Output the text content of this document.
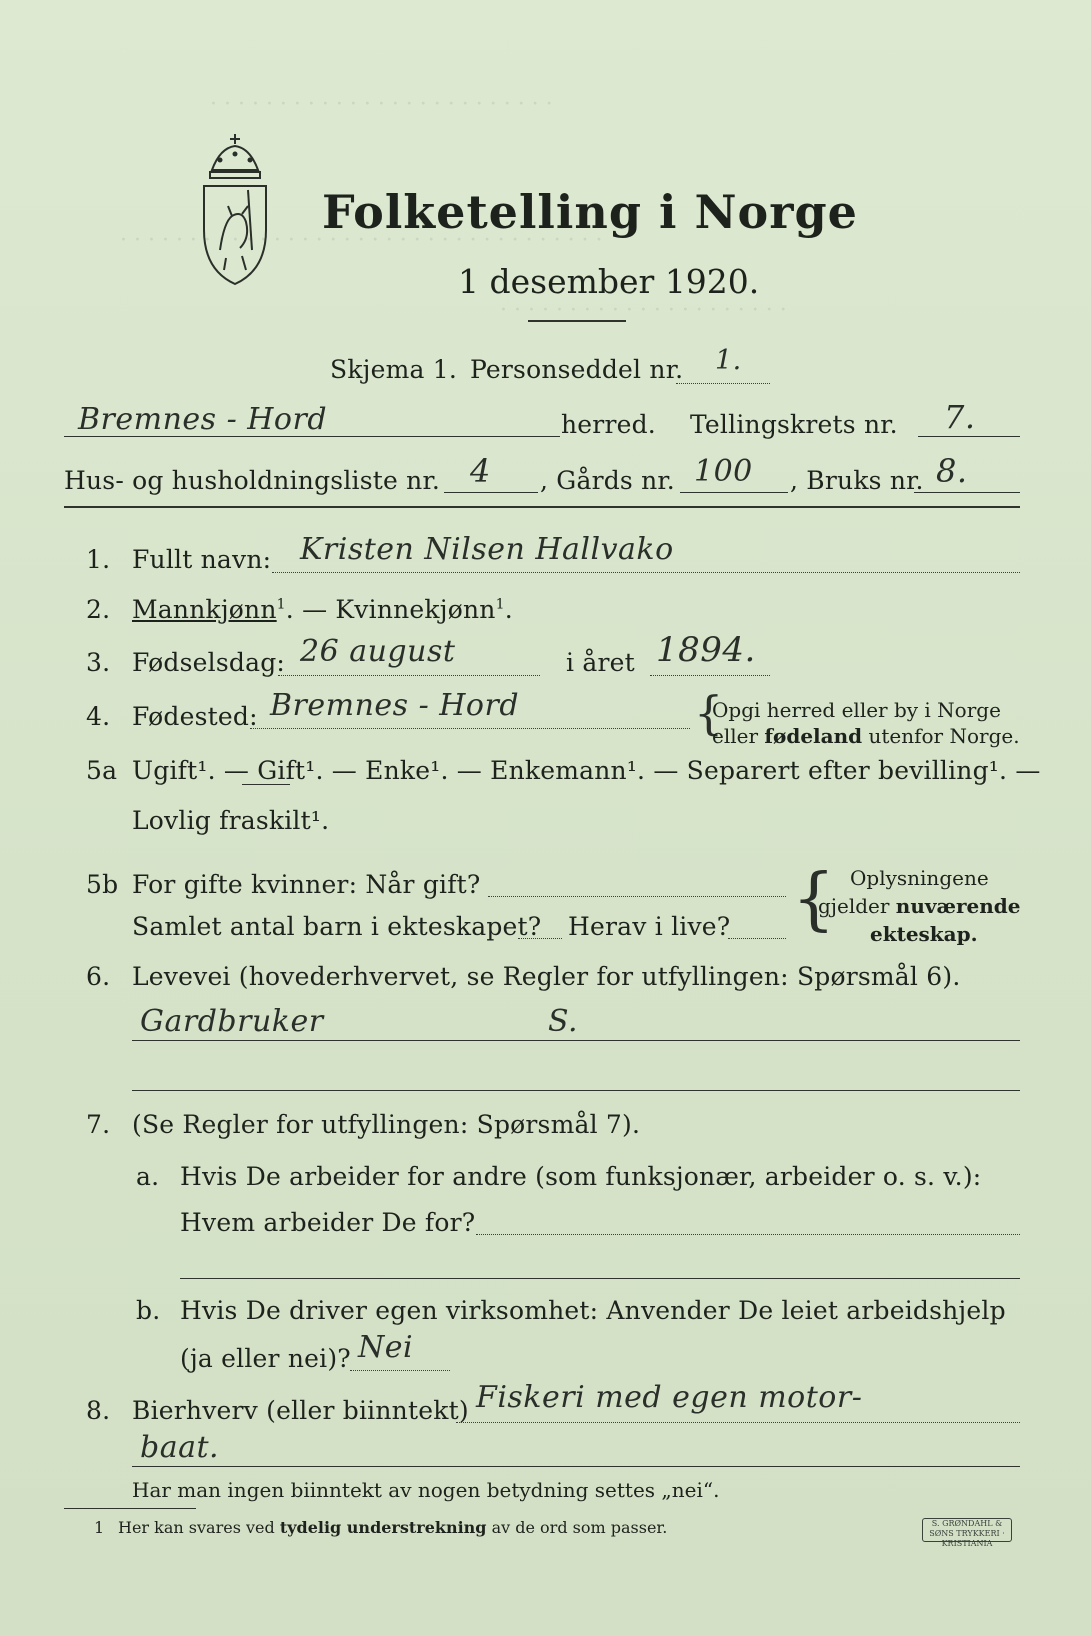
· · · · · · · · · · · · · · · · · · · · · · · · ·
· · · · · · · · · · · · · · · · · · · · · · · · · · · · · · · · · · ·
· · · · · · · · · · · · · · · · · · · · ·
Folketelling i Norge
1 desember 1920.
Skjema 1. Personseddel nr. 1.
Bremnes - Hord	herred. Tellingskrets nr. 7.
Hus- og husholdningsliste nr. 4 , Gårds nr. 100 , Bruks nr. 8.
1. Fullt navn: Kristen Nilsen Hallvako
2. Mannkjønn$^1$. — Kvinnekjønn$^1$.
3. Fødselsdag: 26 august	i året 1894.
4. Fødested: Bremnes - Hord	{
Opgi herred eller by i Norge
eller fødeland utenfor Norge.
5a Ugift¹. — Gift¹. — Enke¹. — Enkemann¹. — Separert efter bevilling¹. —
Lovlig fraskilt¹.
5b For gifte kvinner: Når gift?
Samlet antal barn i ekteskapet? Herav i live? { Oplysningene
gjelder nuværende
ekteskap.
6. Levevei (hovederhvervet, se Regler for utfyllingen: Spørsmål 6).
Gardbruker	S.
7. (Se Regler for utfyllingen: Spørsmål 7).
a. Hvis De arbeider for andre (som funksjonær, arbeider o. s. v.):
Hvem arbeider De for?
b. Hvis De driver egen virksomhet: Anvender De leiet arbeidshjelp
(ja eller nei)? Nei
8. Bierhverv (eller biinntekt) Fiskeri med egen motor-
baat.
Har man ingen biinntekt av nogen betydning settes „nei“.
1 Her kan svares ved tydelig understrekning av de ord som passer.	S. GRØNDAHL & SØNS TRYKKERI · KRISTIANIA
